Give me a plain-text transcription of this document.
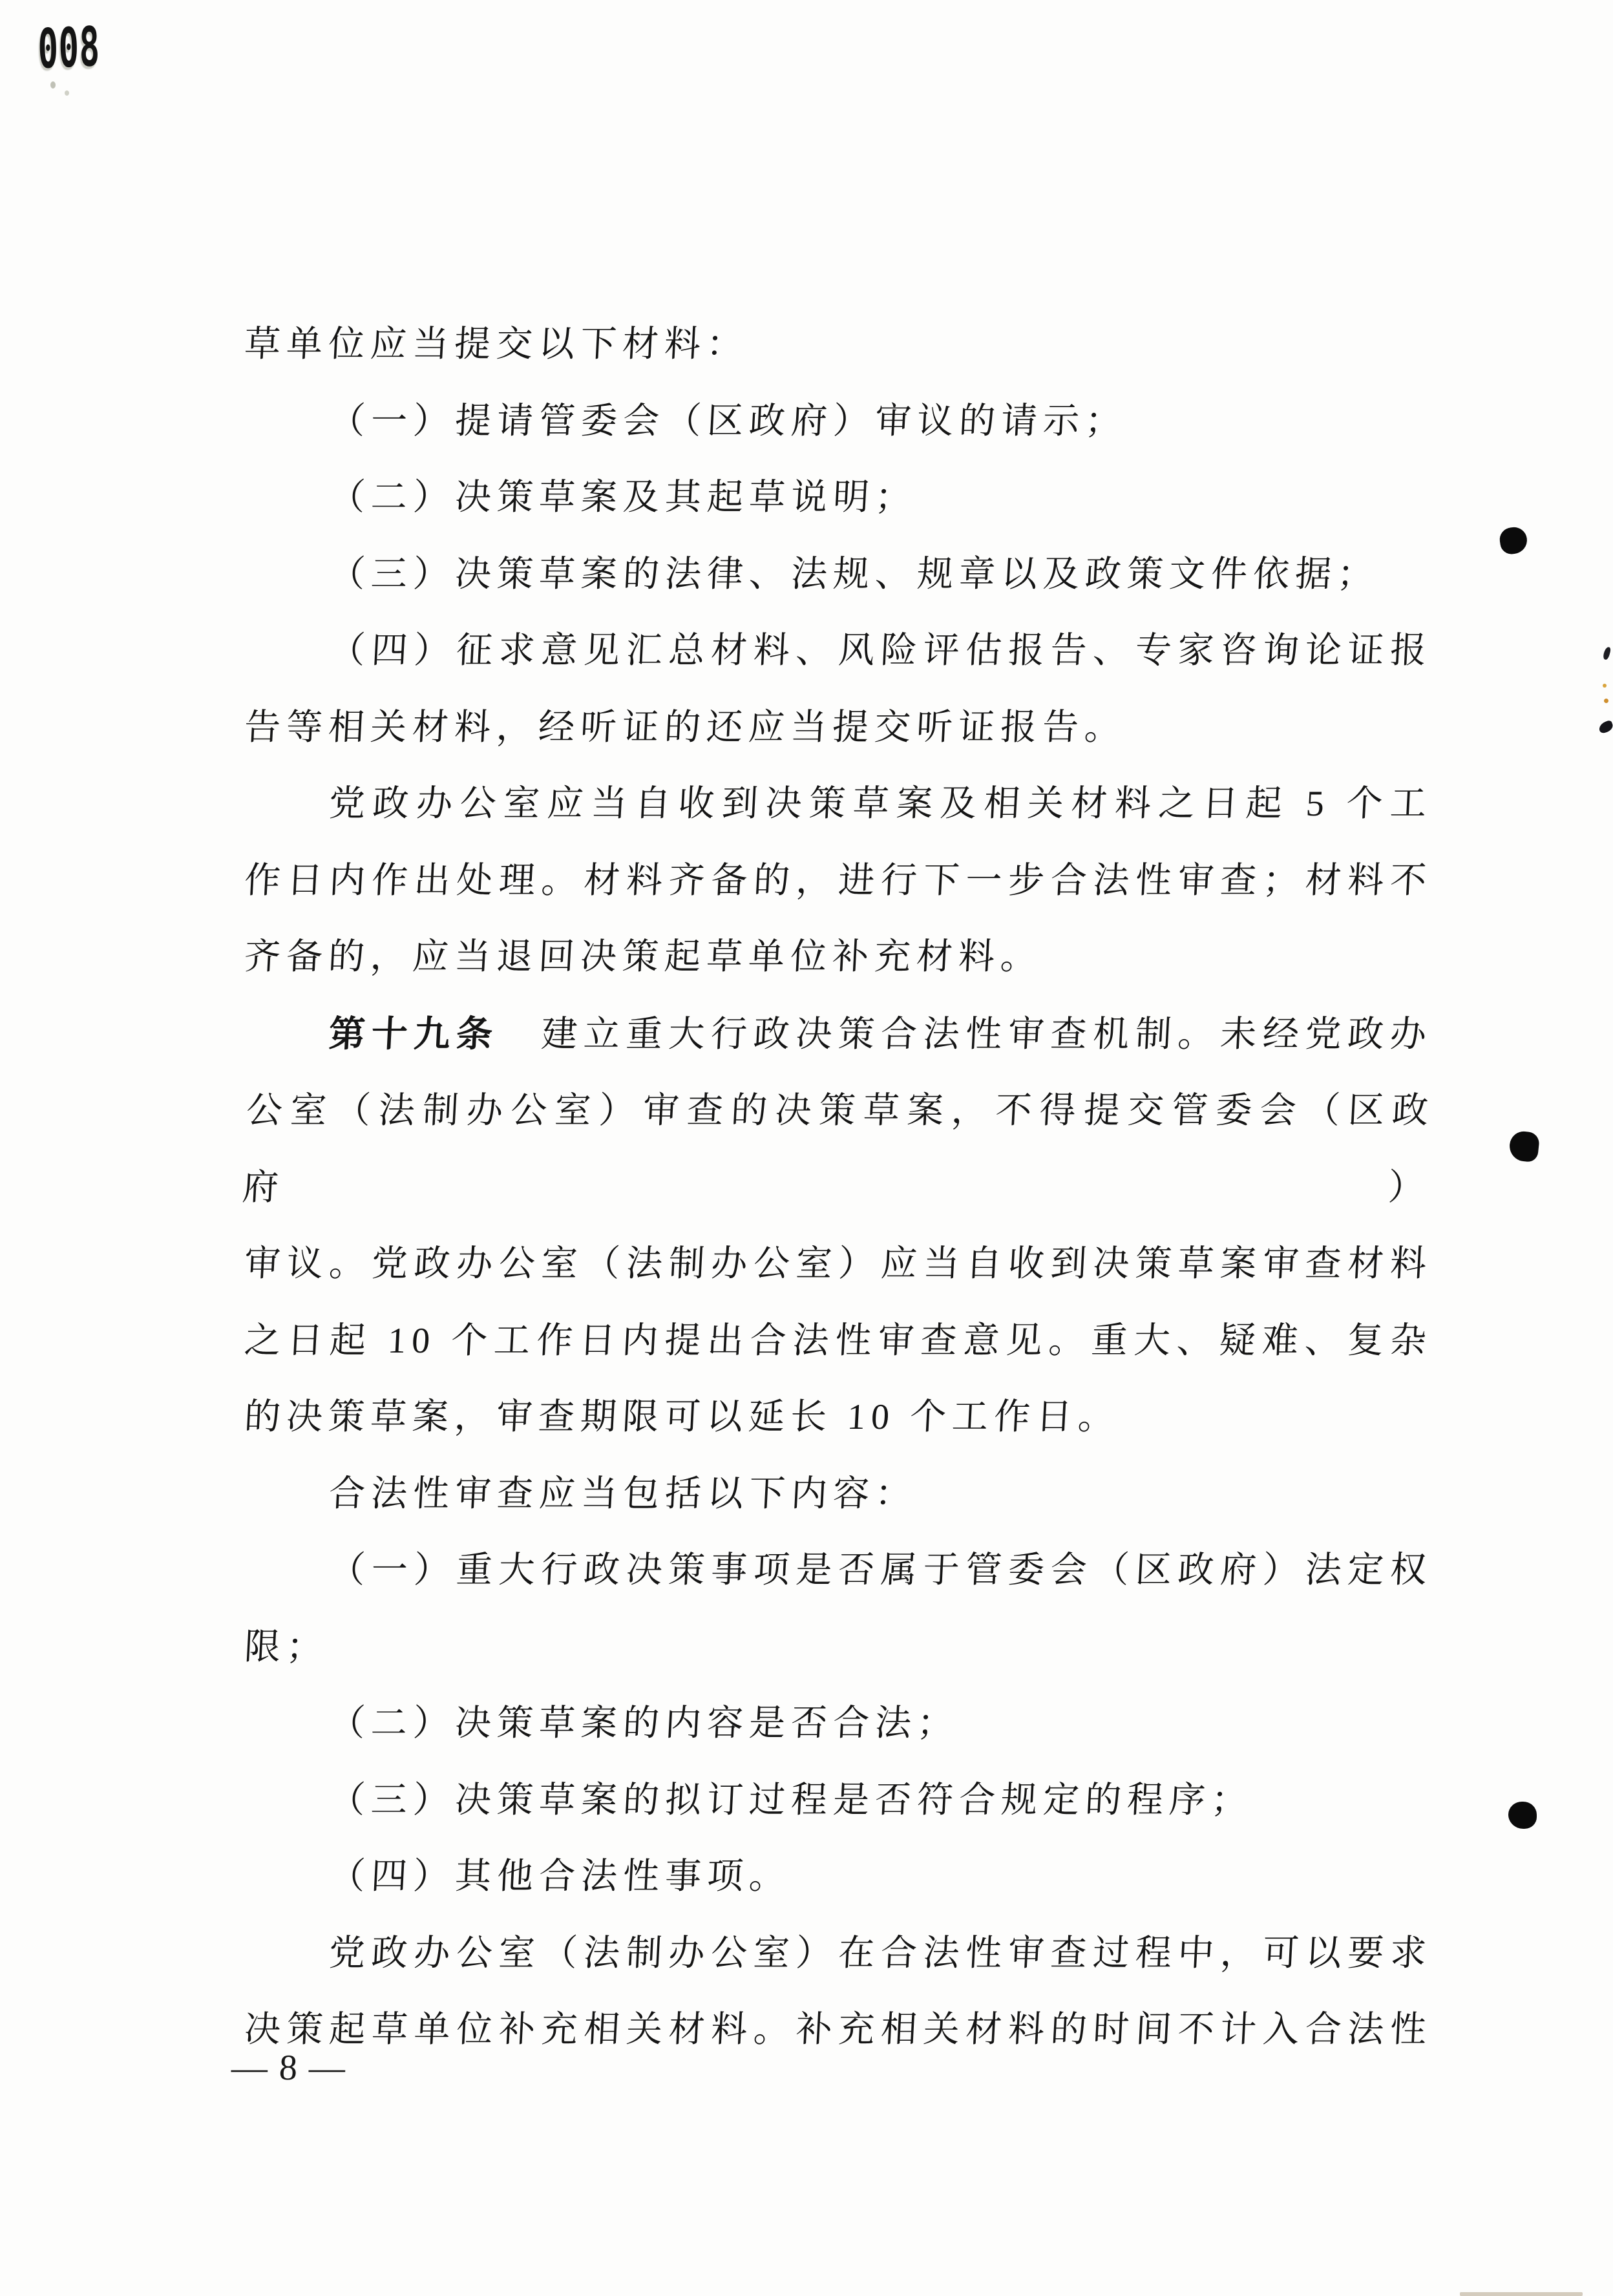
008
草单位应当提交以下材料：
（一）提请管委会（区政府）审议的请示；
（二）决策草案及其起草说明；
（三）决策草案的法律、法规、规章以及政策文件依据；
（四）征求意见汇总材料、风险评估报告、专家咨询论证报
告等相关材料，经听证的还应当提交听证报告。
党政办公室应当自收到决策草案及相关材料之日起 5 个工
作日内作出处理。材料齐备的，进行下一步合法性审查；材料不
齐备的，应当退回决策起草单位补充材料。
第十九条　建立重大行政决策合法性审查机制。未经党政办
公室（法制办公室）审查的决策草案，不得提交管委会（区政府）
审议。党政办公室（法制办公室）应当自收到决策草案审查材料
之日起 10 个工作日内提出合法性审查意见。重大、疑难、复杂
的决策草案，审查期限可以延长 10 个工作日。
合法性审查应当包括以下内容：
（一）重大行政决策事项是否属于管委会（区政府）法定权
限；
（二）决策草案的内容是否合法；
（三）决策草案的拟订过程是否符合规定的程序；
（四）其他合法性事项。
党政办公室（法制办公室）在合法性审查过程中，可以要求
决策起草单位补充相关材料。补充相关材料的时间不计入合法性
— 8 —
